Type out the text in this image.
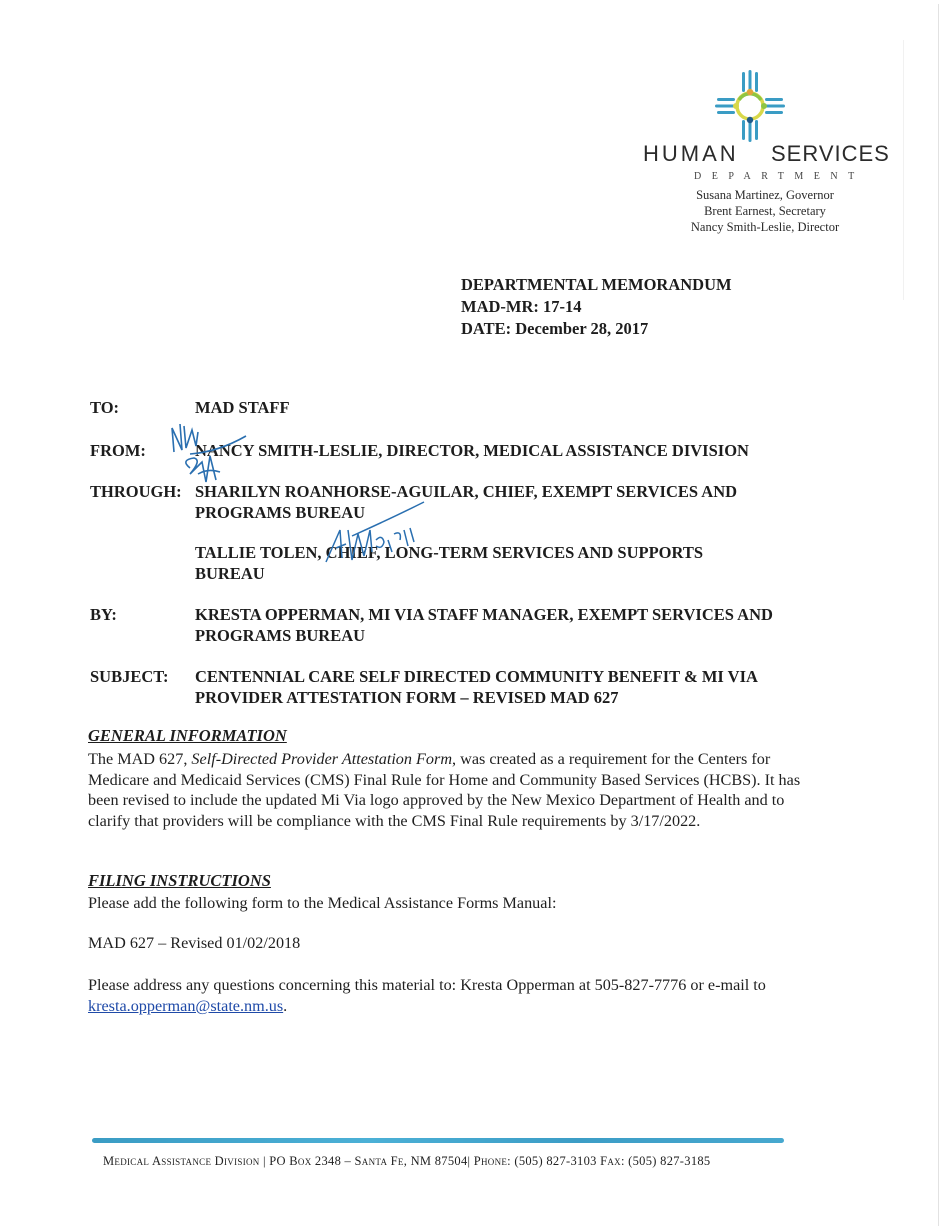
HUMAN SERVICES
DEPARTMENT
Susana Martinez, Governor
Brent Earnest, Secretary
Nancy Smith-Leslie, Director
DEPARTMENTAL MEMORANDUM
MAD-MR: 17-14
DATE: December 28, 2017
TO:	MAD STAFF
FROM:	NANCY SMITH-LESLIE, DIRECTOR, MEDICAL ASSISTANCE DIVISION
THROUGH: SHARILYN ROANHORSE-AGUILAR, CHIEF, EXEMPT SERVICES AND PROGRAMS BUREAU
TALLIE TOLEN, CHIEF, LONG-TERM SERVICES AND SUPPORTS BUREAU
BY:	KRESTA OPPERMAN, MI VIA STAFF MANAGER, EXEMPT SERVICES AND PROGRAMS BUREAU
SUBJECT:	CENTENNIAL CARE SELF DIRECTED COMMUNITY BENEFIT & MI VIA PROVIDER ATTESTATION FORM – REVISED MAD 627
GENERAL INFORMATION
The MAD 627, Self-Directed Provider Attestation Form, was created as a requirement for the Centers for Medicare and Medicaid Services (CMS) Final Rule for Home and Community Based Services (HCBS). It has been revised to include the updated Mi Via logo approved by the New Mexico Department of Health and to clarify that providers will be compliance with the CMS Final Rule requirements by 3/17/2022.
FILING INSTRUCTIONS
Please add the following form to the Medical Assistance Forms Manual:
MAD 627 – Revised 01/02/2018
Please address any questions concerning this material to: Kresta Opperman at 505-827-7776 or e-mail to kresta.opperman@state.nm.us.
Medical Assistance Division | PO Box 2348 – Santa Fe, NM 87504| Phone: (505) 827-3103 Fax: (505) 827-3185
